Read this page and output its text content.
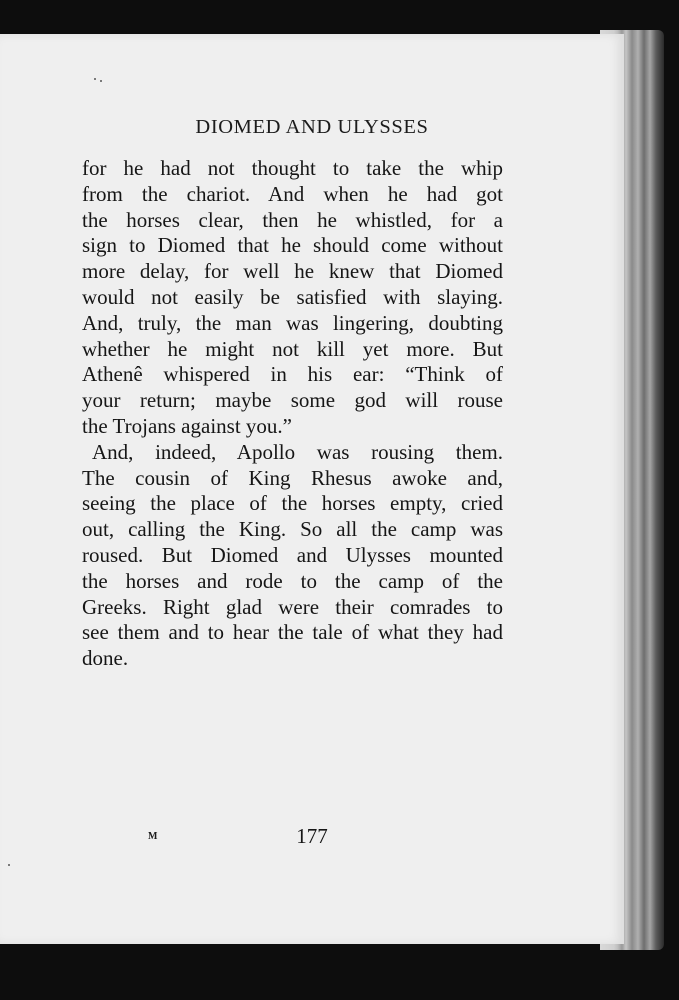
DIOMED AND ULYSSES
for he had not thought to take the whip
from the chariot. And when he had got
the horses clear, then he whistled, for a
sign to Diomed that he should come without
more delay, for well he knew that Diomed
would not easily be satisfied with slaying.
And, truly, the man was lingering, doubting
whether he might not kill yet more. But
Athenê whispered in his ear: “Think of
your return; maybe some god will rouse
the Trojans against you.”
And, indeed, Apollo was rousing them.
The cousin of King Rhesus awoke and,
seeing the place of the horses empty, cried
out, calling the King. So all the camp was
roused. But Diomed and Ulysses mounted
the horses and rode to the camp of the
Greeks. Right glad were their comrades to
see them and to hear the tale of what they had
done.
M	177
